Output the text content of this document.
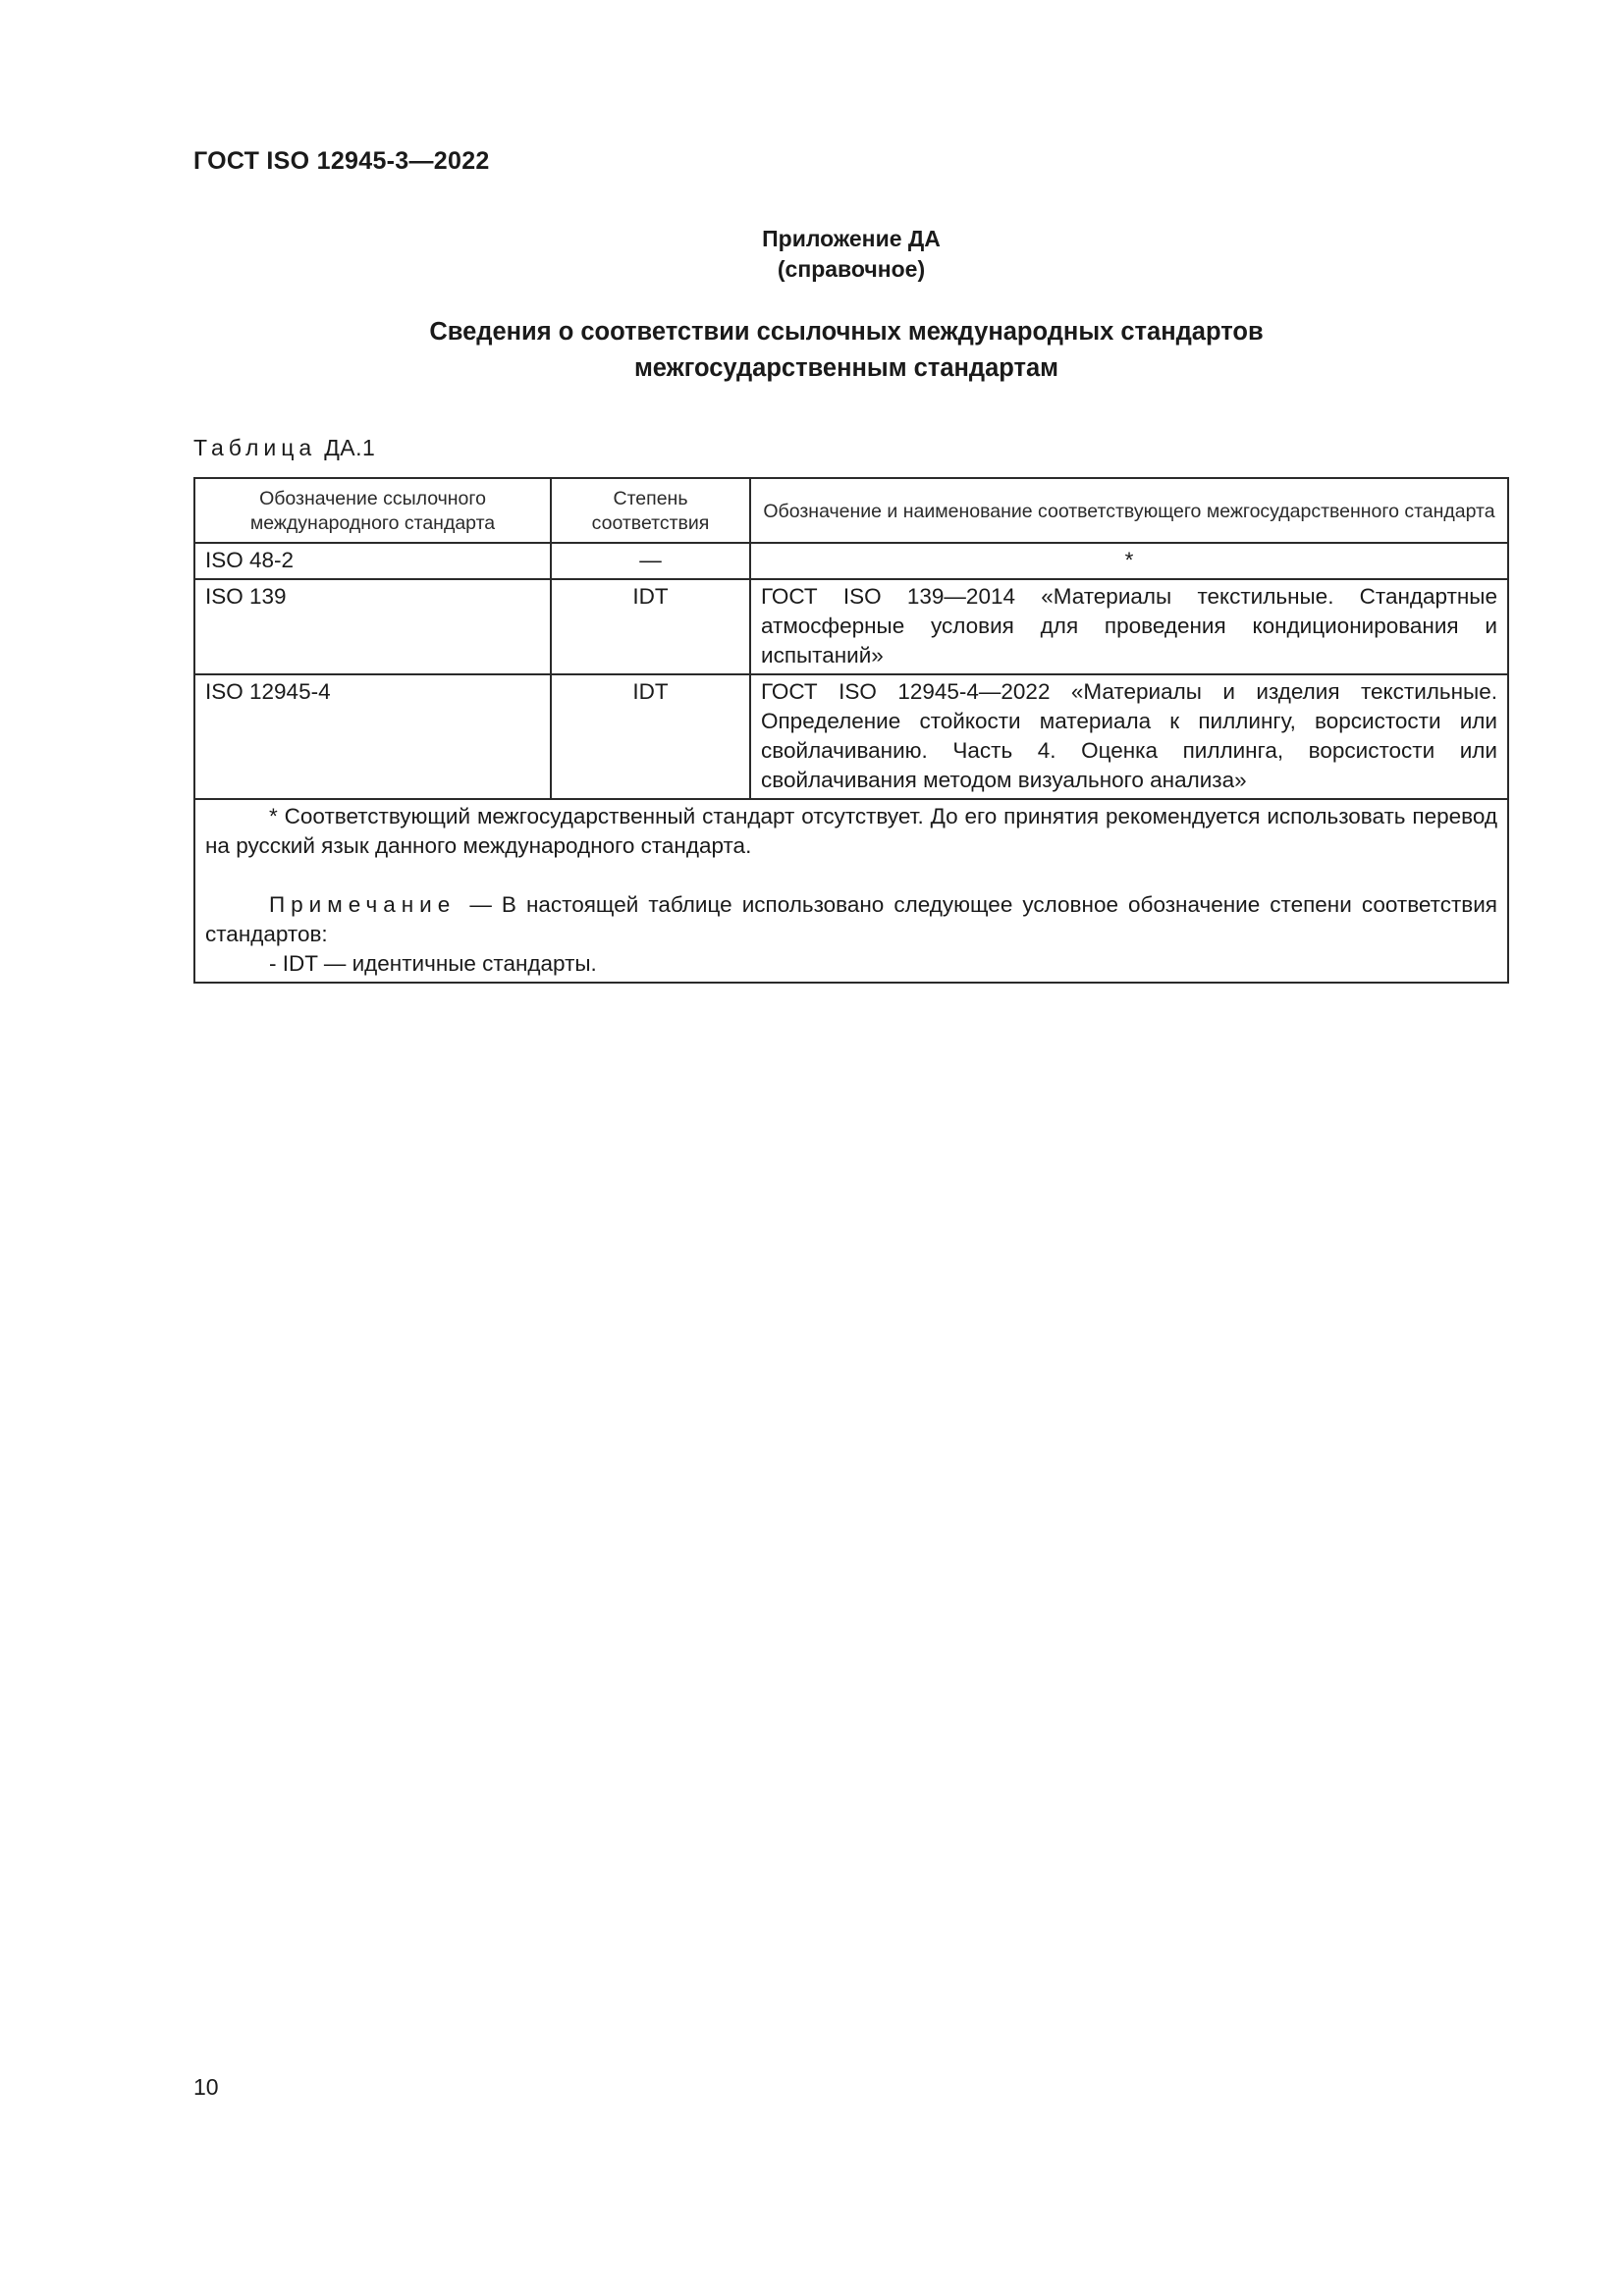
ГОСТ ISO 12945-3—2022
Приложение ДА
(справочное)
Сведения о соответствии ссылочных международных стандартов
межгосударственным стандартам
Таблица ДА.1
Обозначение ссылочного международного стандарта	Степень соответствия	Обозначение и наименование соответствующего межгосударственного стандарта
ISO 48-2	—	*
ISO 139	IDT	ГОСТ ISO 139—2014 «Материалы текстильные. Стандартные атмосферные условия для проведения кондиционирования и испытаний»
ISO 12945-4	IDT	ГОСТ ISO 12945-4—2022 «Материалы и изделия текстильные. Определение стойкости материала к пиллингу, ворсистости или свойлачиванию. Часть 4. Оценка пиллинга, ворсистости или свойлачивания методом визуального анализа»

* Соответствующий межгосударственный стандарт отсутствует. До его принятия рекомендуется использовать перевод на русский язык данного международного стандарта.

Примечание — В настоящей таблице использовано следующее условное обозначение степени соответствия стандартов:

- IDT — идентичные стандарты.		

10
